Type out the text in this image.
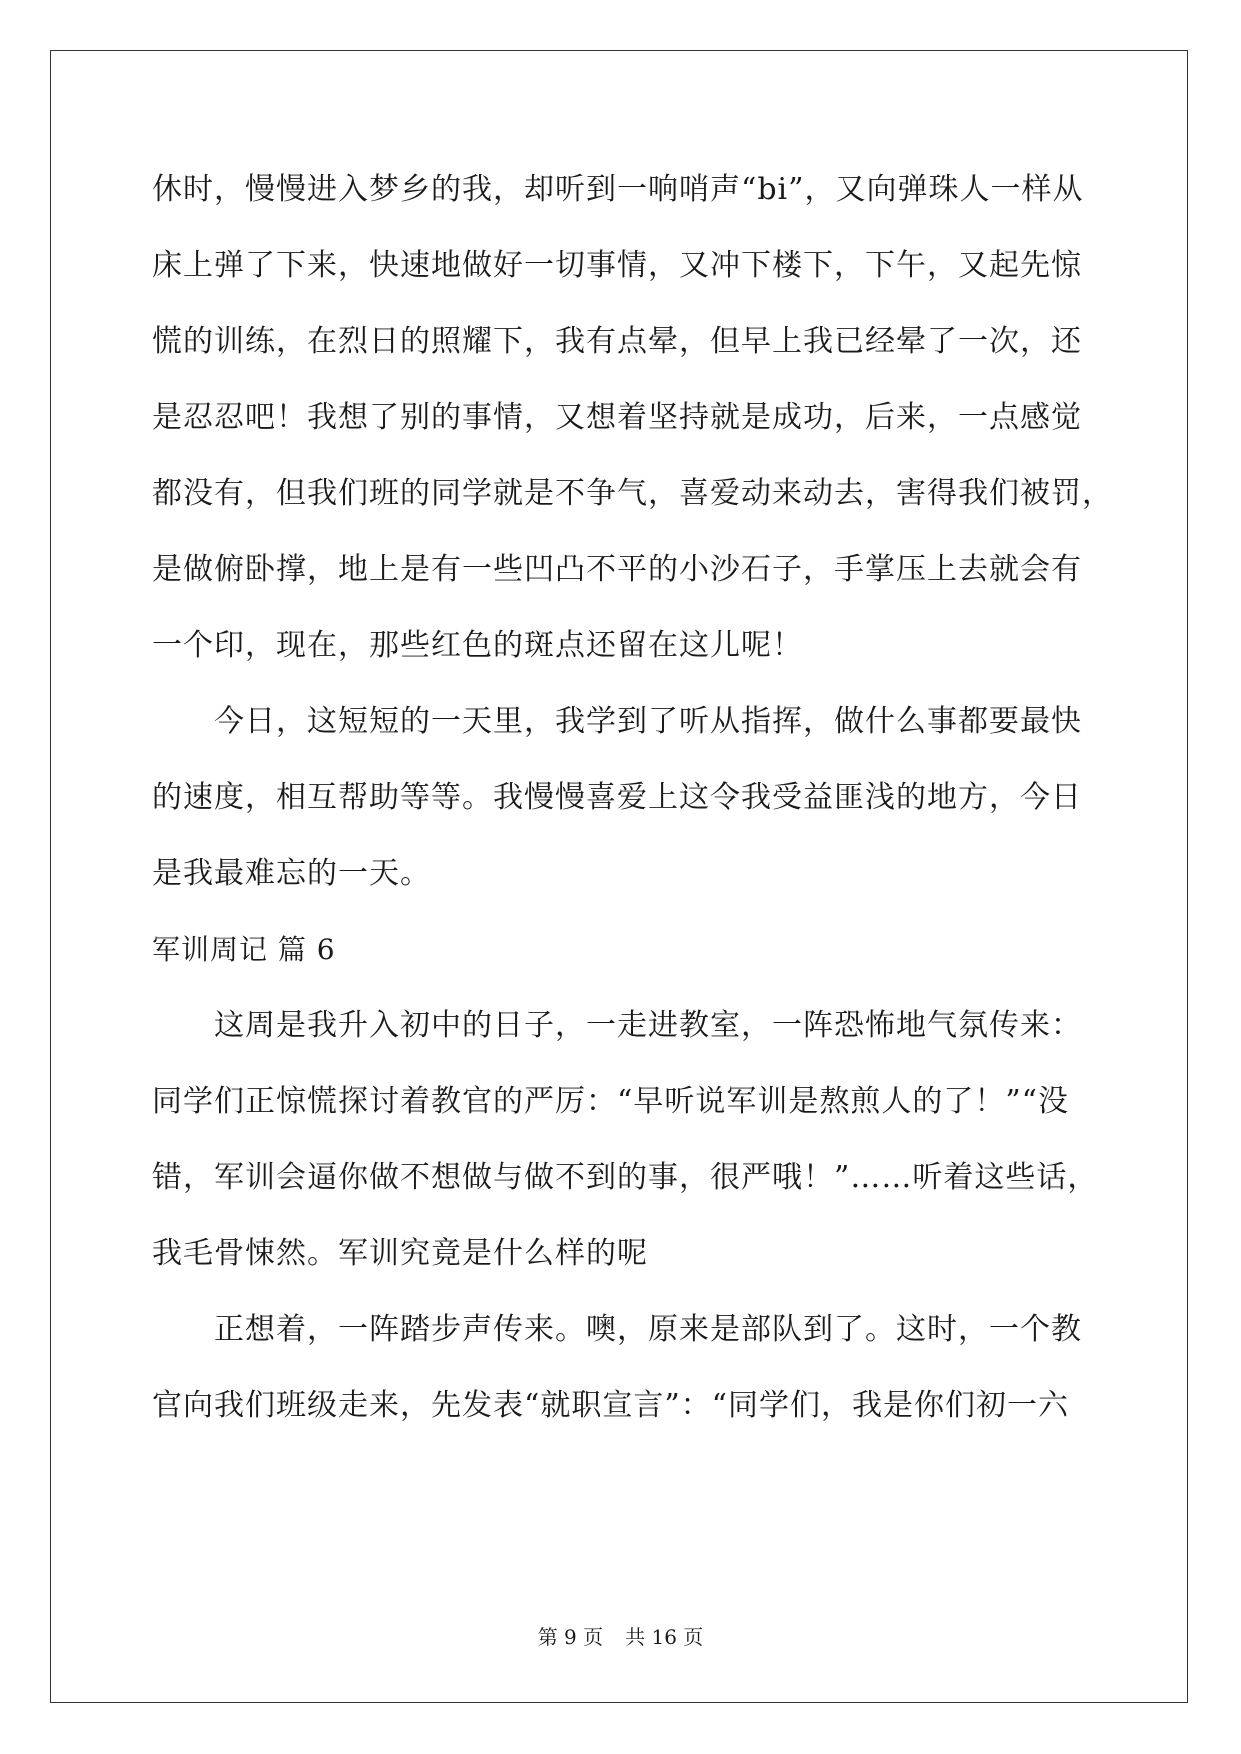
休时，慢慢进入梦乡的我，却听到一响哨声“bi”，又向弹珠人一样从
床上弹了下来，快速地做好一切事情，又冲下楼下，下午，又起先惊
慌的训练，在烈日的照耀下，我有点晕，但早上我已经晕了一次，还
是忍忍吧！我想了别的事情，又想着坚持就是成功，后来，一点感觉
都没有，但我们班的同学就是不争气，喜爱动来动去，害得我们被罚，
是做俯卧撑，地上是有一些凹凸不平的小沙石子，手掌压上去就会有
一个印，现在，那些红色的斑点还留在这儿呢！
今日，这短短的一天里，我学到了听从指挥，做什么事都要最快
的速度，相互帮助等等。我慢慢喜爱上这令我受益匪浅的地方，今日
是我最难忘的一天。
军训周记 篇 6
这周是我升入初中的日子，一走进教室，一阵恐怖地气氛传来：
同学们正惊慌探讨着教官的严厉：“早听说军训是熬煎人的了！”“没
错，军训会逼你做不想做与做不到的事，很严哦！”……听着这些话，
我毛骨悚然。军训究竟是什么样的呢
正想着，一阵踏步声传来。噢，原来是部队到了。这时，一个教
官向我们班级走来，先发表“就职宣言”：“同学们，我是你们初一六
第 9 页 共 16 页
